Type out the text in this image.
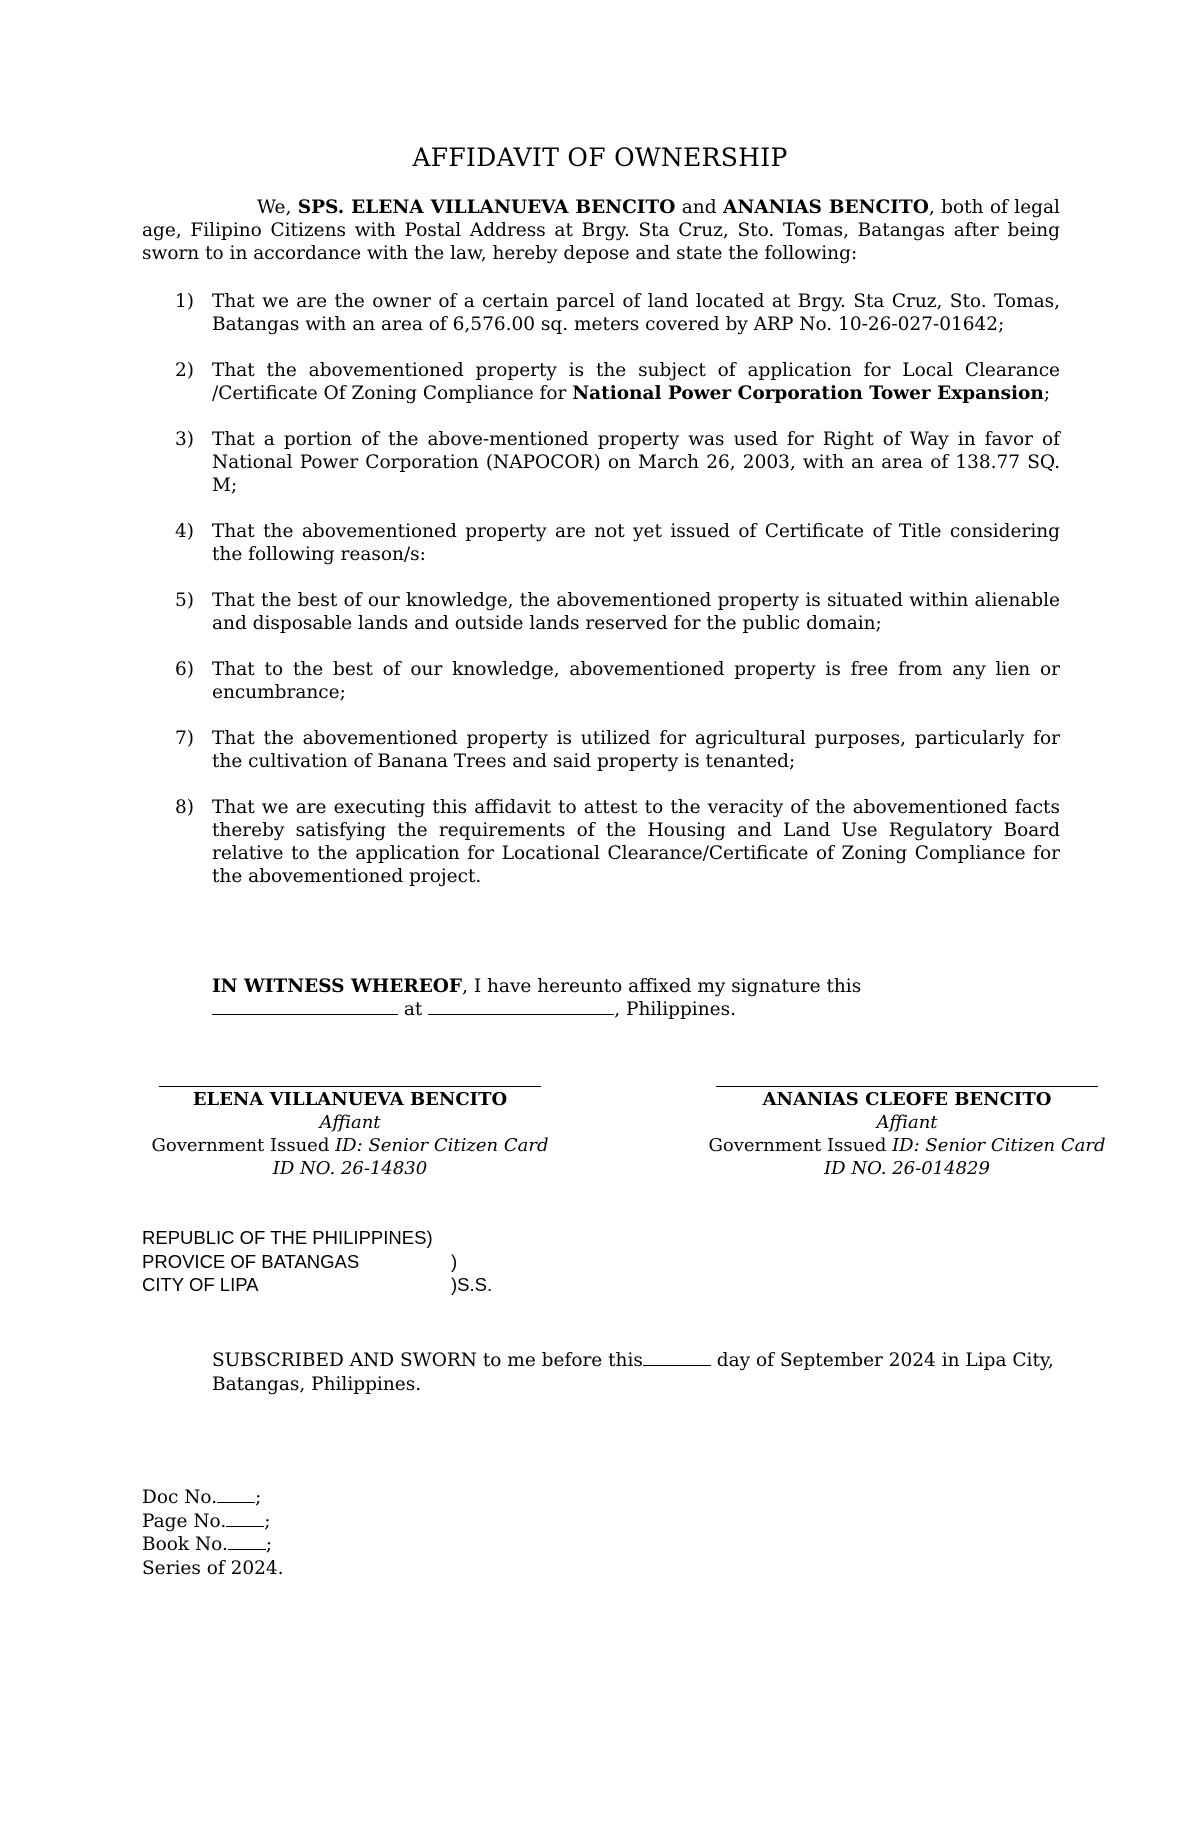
AFFIDAVIT OF OWNERSHIP
We, SPS. ELENA VILLANUEVA BENCITO and ANANIAS BENCITO, both of legal age, Filipino Citizens with Postal Address at Brgy. Sta Cruz, Sto. Tomas, Batangas after being sworn to in accordance with the law, hereby depose and state the following:
1) That we are the owner of a certain parcel of land located at Brgy. Sta Cruz, Sto. Tomas, Batangas with an area of 6,576.00 sq. meters covered by ARP No. 10-26-027-01642;
2) That the abovementioned property is the subject of application for Local Clearance /Certificate Of Zoning Compliance for National Power Corporation Tower Expansion;
3) That a portion of the above-mentioned property was used for Right of Way in favor of National Power Corporation (NAPOCOR) on March 26, 2003, with an area of 138.77 SQ. M;
4) That the abovementioned property are not yet issued of Certificate of Title considering the following reason/s:
5) That the best of our knowledge, the abovementioned property is situated within alienable and disposable lands and outside lands reserved for the public domain;
6) That to the best of our knowledge, abovementioned property is free from any lien or encumbrance;
7) That the abovementioned property is utilized for agricultural purposes, particularly for the cultivation of Banana Trees and said property is tenanted;
8) That we are executing this affidavit to attest to the veracity of the abovementioned facts thereby satisfying the requirements of the Housing and Land Use Regulatory Board relative to the application for Locational Clearance/Certificate of Zoning Compliance for the abovementioned project.
IN WITNESS WHEREOF, I have hereunto affixed my signature this
at	, Philippines.
ELENA VILLANUEVA BENCITO
Affiant
Government Issued ID: Senior Citizen Card
ID NO. 26-14830
ANANIAS CLEOFE BENCITO
Affiant
Government Issued ID: Senior Citizen Card
ID NO. 26-014829
REPUBLIC OF THE PHILIPPINES)
PROVICE OF BATANGAS	)
CITY OF LIPA	)S.S.
SUBSCRIBED AND SWORN to me before this	day of September 2024 in Lipa City, Batangas, Philippines.
Doc No. ;
Page No. ;
Book No. ;
Series of 2024.
